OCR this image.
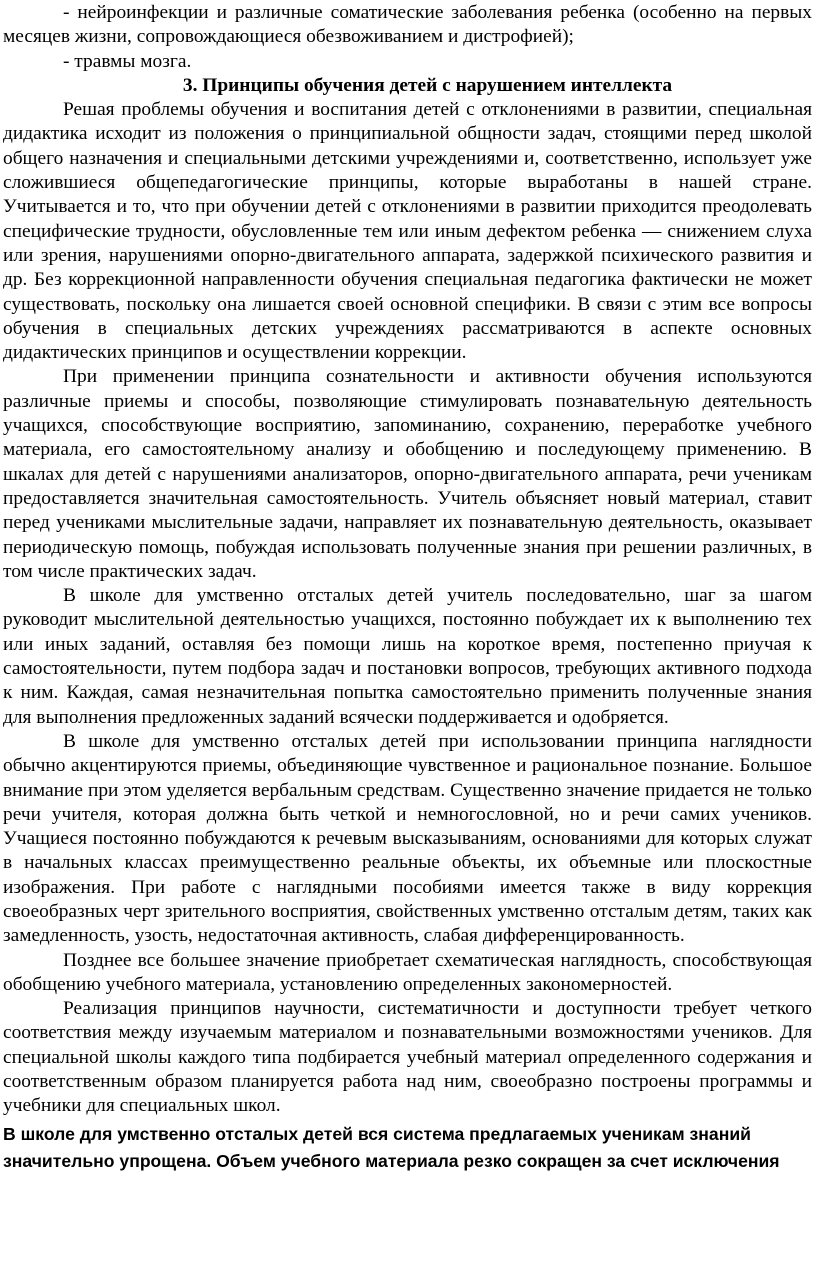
- нейроинфекции и различные соматические заболевания ребенка (особенно на первых месяцев жизни, сопровождающиеся обезвоживанием и дистрофией);

- травмы мозга.

3. Принципы обучения детей с нарушением интеллекта

Решая проблемы обучения и воспитания детей с отклонениями в развитии, специальная дидактика исходит из положения о принципиальной общности задач, стоящими перед школой общего назначения и специальными детскими учреждениями и, соответственно, использует уже сложившиеся общепедагогические принципы, которые выработаны в нашей стране. Учитывается и то, что при обучении детей с отклонениями в развитии приходится преодолевать специфические трудности, обусловленные тем или иным дефектом ребенка — снижением слуха или зрения, нарушениями опорно-двигательного аппарата, задержкой психического развития и др. Без коррекционной направленности обучения специальная педагогика фактически не может существовать, поскольку она лишается своей основной специфики. В связи с этим все вопросы обучения в специальных детских учреждениях рассматриваются в аспекте основных дидактических принципов и осуществлении коррекции.

При применении принципа сознательности и активности обучения используются различные приемы и способы, позволяющие стимулировать познавательную деятельность учащихся, способствующие восприятию, запоминанию, сохранению, переработке учебного материала, его самостоятельному анализу и обобщению и последующему применению. В шкалах для детей с нарушениями анализаторов, опорно-двигательного аппарата, речи ученикам предоставляется значительная самостоятельность. Учитель объясняет новый материал, ставит перед учениками мыслительные задачи, направляет их познавательную деятельность, оказывает периодическую помощь, побуждая использовать полученные знания при решении различных, в том числе практических задач.

В школе для умственно отсталых детей учитель последовательно, шаг за шагом руководит мыслительной деятельностью учащихся, постоянно побуждает их к выполнению тех или иных заданий, оставляя без помощи лишь на короткое время, постепенно приучая к самостоятельности, путем подбора задач и постановки вопросов, требующих активного подхода к ним. Каждая, самая незначительная попытка самостоятельно применить полученные знания для выполнения предложенных заданий всячески поддерживается и одобряется.

В школе для умственно отсталых детей при использовании принципа наглядности обычно акцентируются приемы, объединяющие чувственное и рациональное познание. Большое внимание при этом уделяется вербальным средствам. Существенно значение придается не только речи учителя, которая должна быть четкой и немногословной, но и речи самих учеников. Учащиеся постоянно побуждаются к речевым высказываниям, основаниями для которых служат в начальных классах преимущественно реальные объекты, их объемные или плоскостные изображения. При работе с наглядными пособиями имеется также в виду коррекция своеобразных черт зрительного восприятия, свойственных умственно отсталым детям, таких как замедленность, узость, недостаточная активность, слабая дифференцированность.

Позднее все большее значение приобретает схематическая наглядность, способствующая обобщению учебного материала, установлению определенных закономерностей.

Реализация принципов научности, систематичности и доступности требует четкого соответствия между изучаемым материалом и познавательными возможностями учеников. Для специальной школы каждого типа подбирается учебный материал определенного содержания и соответственным образом планируется работа над ним, своеобразно построены программы и учебники для специальных школ.

В школе для умственно отсталых детей вся система предлагаемых ученикам знаний значительно упрощена. Объем учебного материала резко сокращен за счет исключения
